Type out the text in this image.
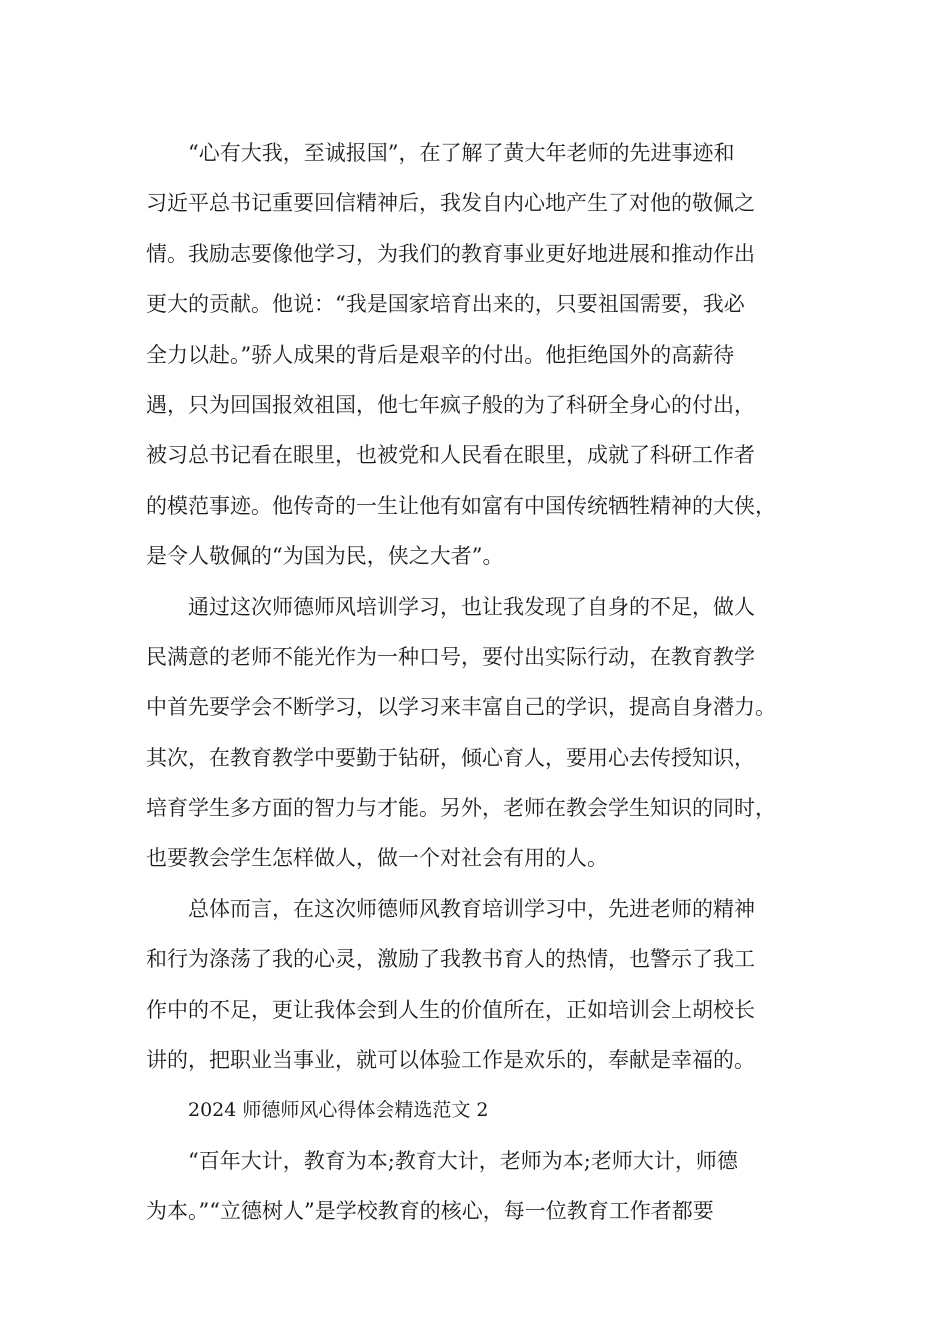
“心有大我，至诚报国”，在了解了黄大年老师的先进事迹和
习近平总书记重要回信精神后，我发自内心地产生了对他的敬佩之
情。我励志要像他学习，为我们的教育事业更好地进展和推动作出
更大的贡献。他说：“我是国家培育出来的，只要祖国需要，我必
全力以赴。”骄人成果的背后是艰辛的付出。他拒绝国外的高薪待
遇，只为回国报效祖国，他七年疯子般的为了科研全身心的付出，
被习总书记看在眼里，也被党和人民看在眼里，成就了科研工作者
的模范事迹。他传奇的一生让他有如富有中国传统牺牲精神的大侠，
是令人敬佩的“为国为民，侠之大者”。

通过这次师德师风培训学习，也让我发现了自身的不足，做人
民满意的老师不能光作为一种口号，要付出实际行动，在教育教学
中首先要学会不断学习，以学习来丰富自己的学识，提高自身潜力。
其次，在教育教学中要勤于钻研，倾心育人，要用心去传授知识，
培育学生多方面的智力与才能。另外，老师在教会学生知识的同时，
也要教会学生怎样做人，做一个对社会有用的人。

总体而言，在这次师德师风教育培训学习中，先进老师的精神
和行为涤荡了我的心灵，激励了我教书育人的热情，也警示了我工
作中的不足，更让我体会到人生的价值所在，正如培训会上胡校长
讲的，把职业当事业，就可以体验工作是欢乐的，奉献是幸福的。

2024 师德师风心得体会精选范文 2

“百年大计，教育为本;教育大计，老师为本;老师大计，师德
为本。”“立德树人”是学校教育的核心，每一位教育工作者都要
